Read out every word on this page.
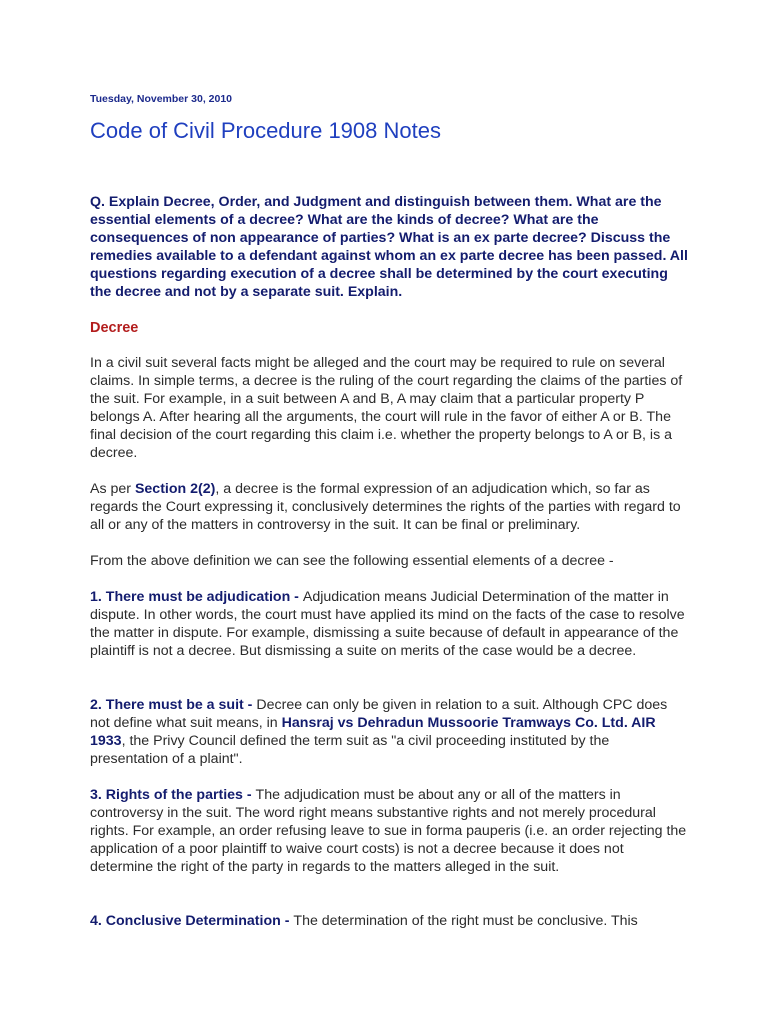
Tuesday, November 30, 2010
Code of Civil Procedure 1908 Notes

Q. Explain Decree, Order, and Judgment and distinguish between them. What are the essential elements of a decree? What are the kinds of decree? What are the consequences of non appearance of parties? What is an ex parte decree? Discuss the remedies available to a defendant against whom an ex parte decree has been passed. All questions regarding execution of a decree shall be determined by the court executing the decree and not by a separate suit. Explain.

Decree

In a civil suit several facts might be alleged and the court may be required to rule on several claims. In simple terms, a decree is the ruling of the court regarding the claims of the parties of the suit. For example, in a suit between A and B, A may claim that a particular property P belongs A. After hearing all the arguments, the court will rule in the favor of either A or B. The final decision of the court regarding this claim i.e. whether the property belongs to A or B, is a decree.

As per Section 2(2), a decree is the formal expression of an adjudication which, so far as regards the Court expressing it, conclusively determines the rights of the parties with regard to all or any of the matters in controversy in the suit. It can be final or preliminary.

From the above definition we can see the following essential elements of a decree -

1. There must be adjudication - Adjudication means Judicial Determination of the matter in dispute. In other words, the court must have applied its mind on the facts of the case to resolve the matter in dispute. For example, dismissing a suite because of default in appearance of the plaintiff is not a decree. But dismissing a suite on merits of the case would be a decree.

2. There must be a suit - Decree can only be given in relation to a suit. Although CPC does not define what suit means, in Hansraj vs Dehradun Mussoorie Tramways Co. Ltd. AIR 1933, the Privy Council defined the term suit as "a civil proceeding instituted by the presentation of a plaint".

3. Rights of the parties - The adjudication must be about any or all of the matters in controversy in the suit. The word right means substantive rights and not merely procedural rights. For example, an order refusing leave to sue in forma pauperis (i.e. an order rejecting the application of a poor plaintiff to waive court costs) is not a decree because it does not determine the right of the party in regards to the matters alleged in the suit.

4. Conclusive Determination - The determination of the right must be conclusive. This
